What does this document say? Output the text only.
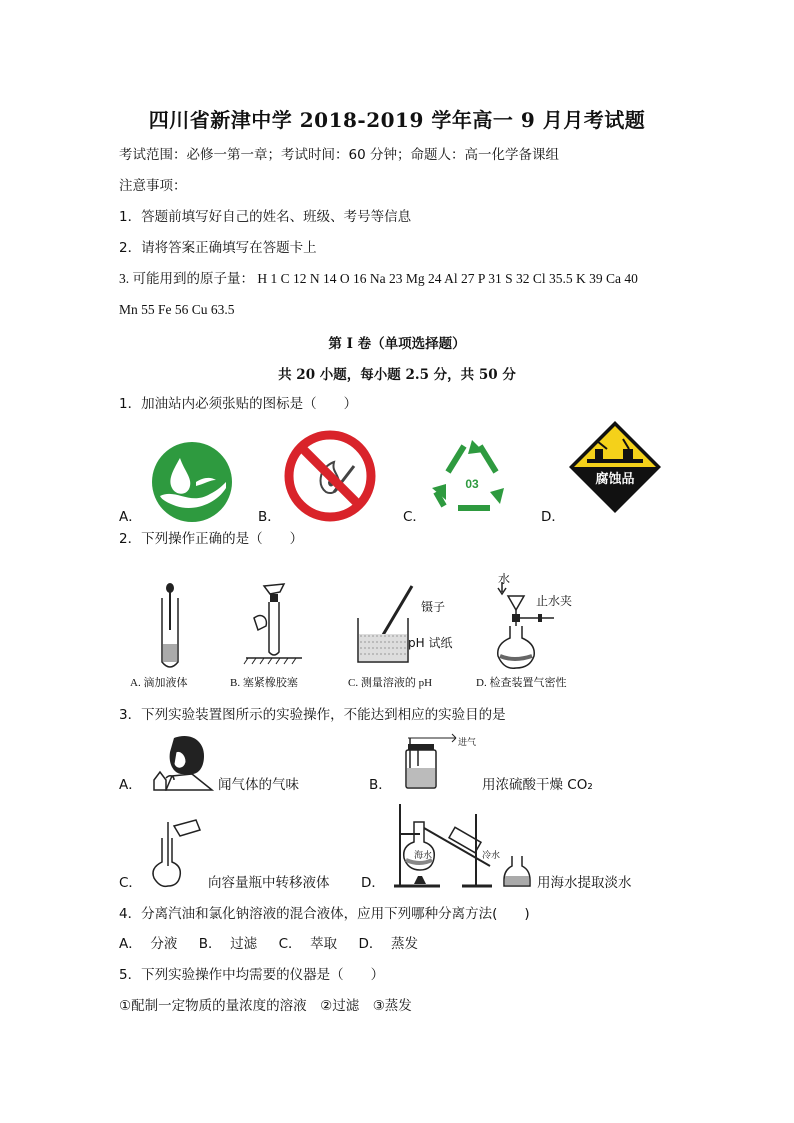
四川省新津中学 2018-2019 学年高一 9 月月考试题
考试范围：必修一第一章；考试时间：60 分钟；命题人：高一化学备课组
注意事项：
1．答题前填写好自己的姓名、班级、考号等信息
2．请将答案正确填写在答题卡上
3. 可能用到的原子量： H 1 C 12 N 14 O 16 Na 23 Mg 24 Al 27 P 31 S 32 Cl 35.5 K 39 Ca 40
Mn 55 Fe 56 Cu 63.5
第 I 卷（单项选择题）
共 20 小题，每小题 2.5 分，共 50 分
1．加油站内必须张贴的图标是（　　）
A．	B．	C．
03
D．
腐蚀品
2．下列操作正确的是（　　）
A. 滴加液体	B. 塞紧橡胶塞
镊子
pH 试纸
C. 测量溶液的 pH
水
止水夹
D. 检查装置气密性
3．下列实验装置图所示的实验操作，不能达到相应的实验目的是
A．	闻气体的气味	B．
进气
用浓硫酸干燥 CO₂
C．	向容量瓶中转移液体 D．
海水	冷水
用海水提取淡水
4．分离汽油和氯化钠溶液的混合液体，应用下列哪种分离方法(　　)
A．  分液     B．  过滤     C．  萃取     D．  蒸发
5．下列实验操作中均需要的仪器是（　　）
①配制一定物质的量浓度的溶液　②过滤　③蒸发
